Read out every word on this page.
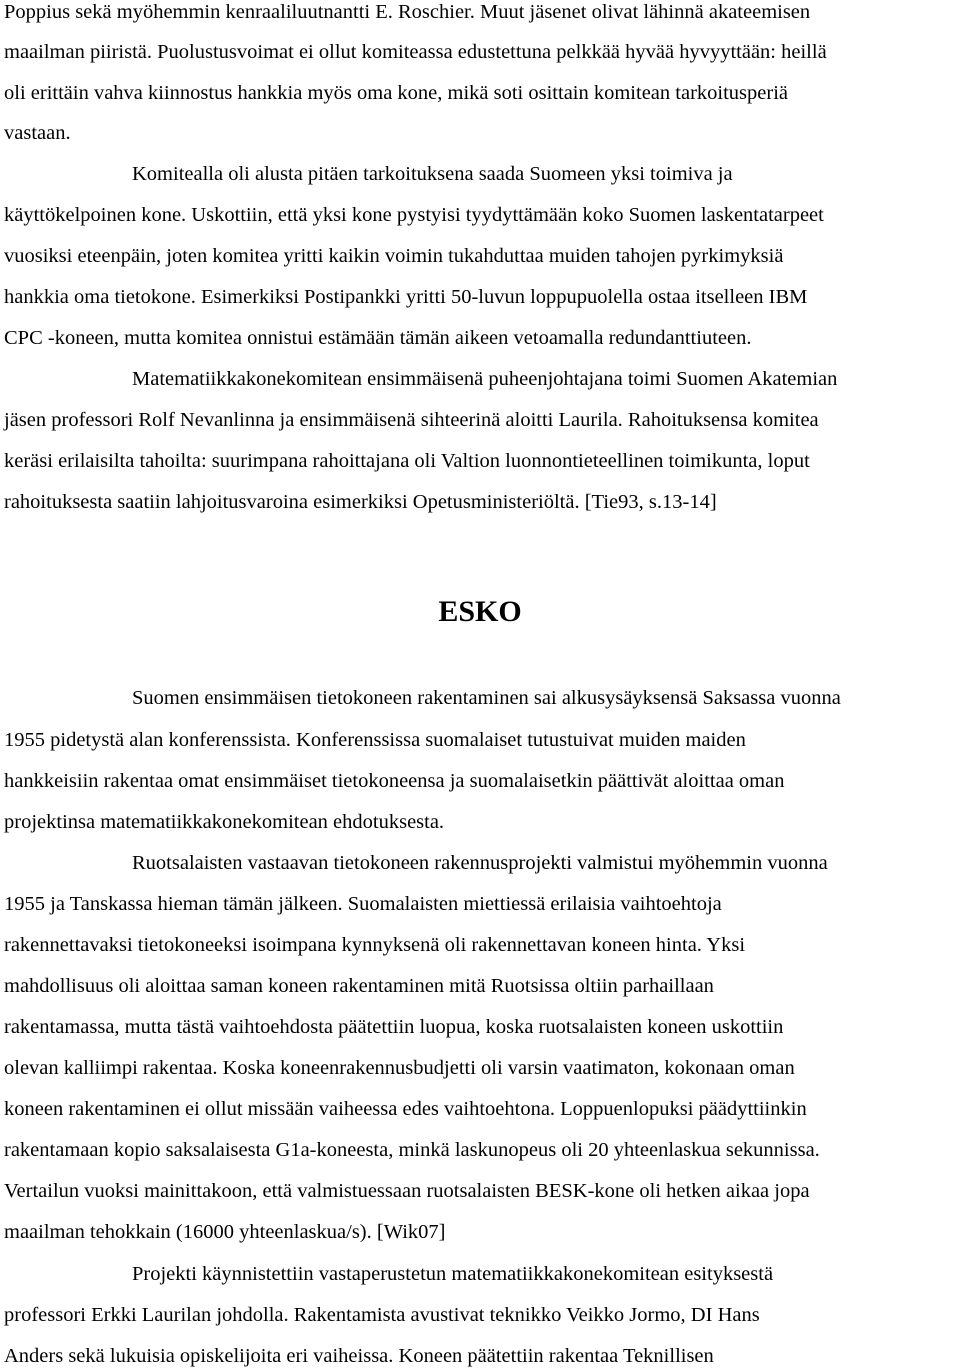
Poppius sekä myöhemmin kenraaliluutnantti E. Roschier. Muut jäsenet olivat lähinnä akateemisen
maailman piiristä. Puolustusvoimat ei ollut komiteassa edustettuna pelkkää hyvää hyvyyttään: heillä
oli erittäin vahva kiinnostus hankkia myös oma kone, mikä soti osittain komitean tarkoitusperiä
vastaan.
Komitealla oli alusta pitäen tarkoituksena saada Suomeen yksi toimiva ja
käyttökelpoinen kone. Uskottiin, että yksi kone pystyisi tyydyttämään koko Suomen laskentatarpeet
vuosiksi eteenpäin, joten komitea yritti kaikin voimin tukahduttaa muiden tahojen pyrkimyksiä
hankkia oma tietokone. Esimerkiksi Postipankki yritti 50-luvun loppupuolella ostaa itselleen IBM
CPC -koneen, mutta komitea onnistui estämään tämän aikeen vetoamalla redundanttiuteen.
Matematiikkakonekomitean ensimmäisenä puheenjohtajana toimi Suomen Akatemian
jäsen professori Rolf Nevanlinna ja ensimmäisenä sihteerinä aloitti Laurila. Rahoituksensa komitea
keräsi erilaisilta tahoilta: suurimpana rahoittajana oli Valtion luonnontieteellinen toimikunta, loput
rahoituksesta saatiin lahjoitusvaroina esimerkiksi Opetusministeriöltä. [Tie93, s.13-14]
ESKO
Suomen ensimmäisen tietokoneen rakentaminen sai alkusysäyksensä Saksassa vuonna
1955 pidetystä alan konferenssista. Konferenssissa suomalaiset tutustuivat muiden maiden
hankkeisiin rakentaa omat ensimmäiset tietokoneensa ja suomalaisetkin päättivät aloittaa oman
projektinsa matematiikkakonekomitean ehdotuksesta.
Ruotsalaisten vastaavan tietokoneen rakennusprojekti valmistui myöhemmin vuonna
1955 ja Tanskassa hieman tämän jälkeen. Suomalaisten miettiessä erilaisia vaihtoehtoja
rakennettavaksi tietokoneeksi isoimpana kynnyksenä oli rakennettavan koneen hinta. Yksi
mahdollisuus oli aloittaa saman koneen rakentaminen mitä Ruotsissa oltiin parhaillaan
rakentamassa, mutta tästä vaihtoehdosta päätettiin luopua, koska ruotsalaisten koneen uskottiin
olevan kalliimpi rakentaa. Koska koneenrakennusbudjetti oli varsin vaatimaton, kokonaan oman
koneen rakentaminen ei ollut missään vaiheessa edes vaihtoehtona. Loppuenlopuksi päädyttiinkin
rakentamaan kopio saksalaisesta G1a-koneesta, minkä laskunopeus oli 20 yhteenlaskua sekunnissa.
Vertailun vuoksi mainittakoon, että valmistuessaan ruotsalaisten BESK-kone oli hetken aikaa jopa
maailman tehokkain (16000 yhteenlaskua/s). [Wik07]
Projekti käynnistettiin vastaperustetun matematiikkakonekomitean esityksestä
professori Erkki Laurilan johdolla. Rakentamista avustivat teknikko Veikko Jormo, DI Hans
Anders sekä lukuisia opiskelijoita eri vaiheissa. Koneen päätettiin rakentaa Teknillisen
